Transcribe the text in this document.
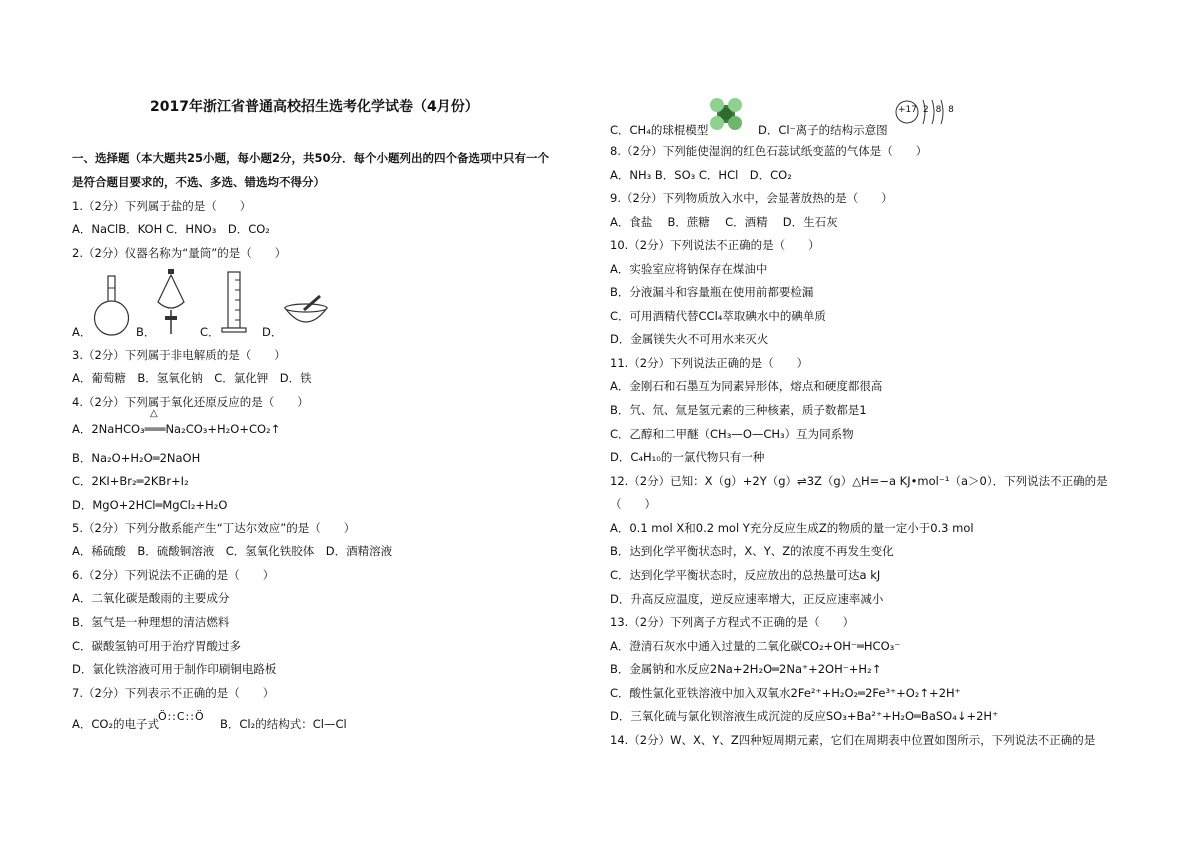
2017年浙江省普通高校招生选考化学试卷（4月份）
一、选择题（本大题共25小题，每小题2分，共50分．每个小题列出的四个备选项中只有一个
是符合题目要求的，不选、多选、错选均不得分）
1.（2分）下列属于盐的是（　　）
A．NaClB．KOH C．HNO₃　D．CO₂
2.（2分）仪器名称为“量筒”的是（　　）
3.（2分）下列属于非电解质的是（　　）
A．葡萄糖　B．氢氧化钠　C．氯化钾　D．铁
4.（2分）下列属于氧化还原反应的是（　　）
△
A．2NaHCO₃═══Na₂CO₃+H₂O+CO₂↑
B．Na₂O+H₂O═2NaOH
C．2KI+Br₂═2KBr+I₂
D．MgO+2HCl═MgCl₂+H₂O
5.（2分）下列分散系能产生“丁达尔效应”的是（　　）
A．稀硫酸　B．硫酸铜溶液　C．氢氧化铁胶体　D．酒精溶液
6.（2分）下列说法不正确的是（　　）
A．二氧化碳是酸雨的主要成分
B．氢气是一种理想的清洁燃料
C．碳酸氢钠可用于治疗胃酸过多
D．氯化铁溶液可用于制作印刷铜电路板
7.（2分）下列表示不正确的是（　　）
A．CO₂的电子式	B．Cl₂的结构式：Cl—Cl
Ö::C::Ö
A．	B．	C．	D．
C．CH₄的球棍模型	D．Cl⁻离子的结构示意图
8.（2分）下列能使湿润的红色石蕊试纸变蓝的气体是（　　）
A．NH₃ B．SO₃ C．HCl　D．CO₂
9.（2分）下列物质放入水中，会显著放热的是（　　）
A．食盐　 B．蔗糖　 C．酒精　 D．生石灰
10.（2分）下列说法不正确的是（　　）
A．实验室应将钠保存在煤油中
B．分液漏斗和容量瓶在使用前都要检漏
C．可用酒精代替CCl₄萃取碘水中的碘单质
D．金属镁失火不可用水来灭火
11.（2分）下列说法正确的是（　　）
A．金刚石和石墨互为同素异形体，熔点和硬度都很高
B．氕、氘、氚是氢元素的三种核素，质子数都是1
C．乙醇和二甲醚（CH₃—O—CH₃）互为同系物
D．C₄H₁₀的一氯代物只有一种
12.（2分）已知：X（g）+2Y（g）⇌3Z（g）△H=−a KJ•mol⁻¹（a＞0）．下列说法不正确的是
（　　）
A．0.1 mol X和0.2 mol Y充分反应生成Z的物质的量一定小于0.3 mol
B．达到化学平衡状态时，X、Y、Z的浓度不再发生变化
C．达到化学平衡状态时，反应放出的总热量可达a kJ
D．升高反应温度，逆反应速率增大，正反应速率减小
13.（2分）下列离子方程式不正确的是（　　）
A．澄清石灰水中通入过量的二氧化碳CO₂+OH⁻═HCO₃⁻
B．金属钠和水反应2Na+2H₂O═2Na⁺+2OH⁻+H₂↑
C．酸性氯化亚铁溶液中加入双氧水2Fe²⁺+H₂O₂═2Fe³⁺+O₂↑+2H⁺
D．三氧化硫与氯化钡溶液生成沉淀的反应SO₃+Ba²⁺+H₂O═BaSO₄↓+2H⁺
14.（2分）W、X、Y、Z四种短周期元素，它们在周期表中位置如图所示，下列说法不正确的是
+17 2 8 8
